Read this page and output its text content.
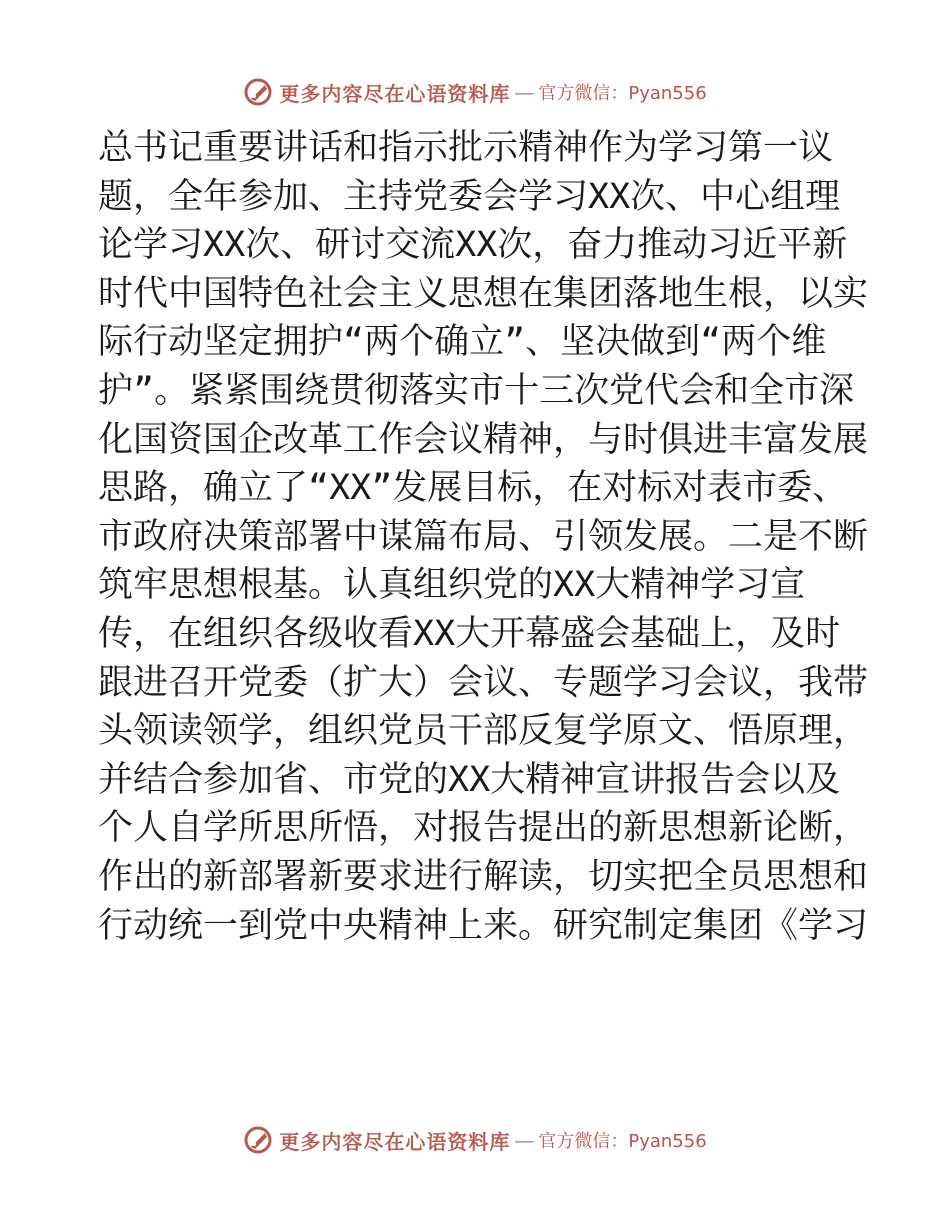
更多内容尽在心语资料库 — 官方微信：Pyan556
总书记重要讲话和指示批示精神作为学习第一议
题，全年参加、主持党委会学习XX次、中心组理
论学习XX次、研讨交流XX次，奋力推动习近平新
时代中国特色社会主义思想在集团落地生根，以实
际行动坚定拥护“两个确立”、坚决做到“两个维
护”。紧紧围绕贯彻落实市十三次党代会和全市深
化国资国企改革工作会议精神，与时俱进丰富发展
思路，确立了“XX”发展目标，在对标对表市委、
市政府决策部署中谋篇布局、引领发展。二是不断
筑牢思想根基。认真组织党的XX大精神学习宣
传，在组织各级收看XX大开幕盛会基础上，及时
跟进召开党委（扩大）会议、专题学习会议，我带
头领读领学，组织党员干部反复学原文、悟原理，
并结合参加省、市党的XX大精神宣讲报告会以及
个人自学所思所悟，对报告提出的新思想新论断，
作出的新部署新要求进行解读，切实把全员思想和
行动统一到党中央精神上来。研究制定集团《学习
更多内容尽在心语资料库 — 官方微信：Pyan556
